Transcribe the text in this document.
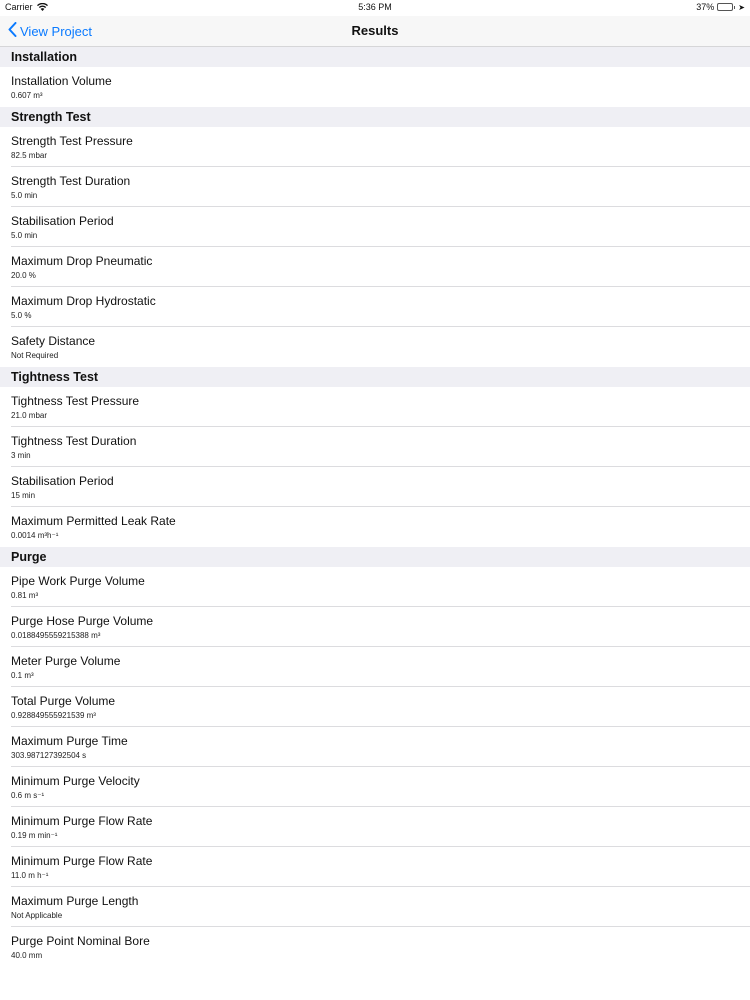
Carrier	5:36 PM	37%	➤
View Project	Results
Installation
Installation Volume
0.607 m³
Strength Test
Strength Test Pressure
82.5 mbar
Strength Test Duration
5.0 min
Stabilisation Period
5.0 min
Maximum Drop Pneumatic
20.0 %
Maximum Drop Hydrostatic
5.0 %
Safety Distance
Not Required
Tightness Test
Tightness Test Pressure
21.0 mbar
Tightness Test Duration
3 min
Stabilisation Period
15 min
Maximum Permitted Leak Rate
0.0014 m³h⁻¹
Purge
Pipe Work Purge Volume
0.81 m³
Purge Hose Purge Volume
0.0188495559215388 m³
Meter Purge Volume
0.1 m³
Total Purge Volume
0.928849555921539 m³
Maximum Purge Time
303.987127392504 s
Minimum Purge Velocity
0.6 m s⁻¹
Minimum Purge Flow Rate
0.19 m min⁻¹
Minimum Purge Flow Rate
11.0 m h⁻¹
Maximum Purge Length
Not Applicable
Purge Point Nominal Bore
40.0 mm
